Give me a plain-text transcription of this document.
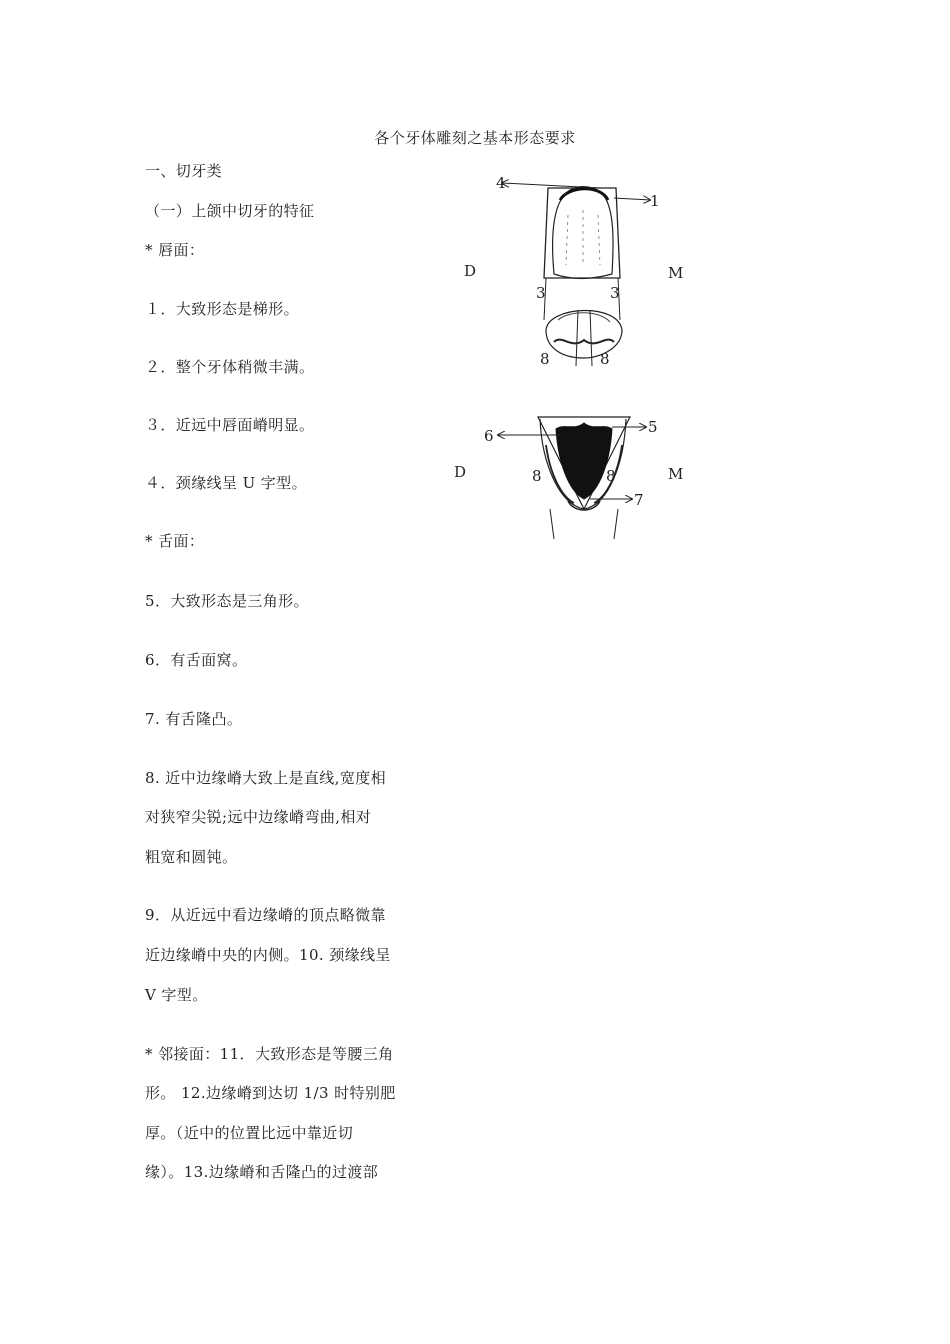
各个牙体雕刻之基本形态要求
一、切牙类
（一）上颌中切牙的特征
* 唇面：
１．大致形态是梯形。
２．整个牙体稍微丰满。
３．近远中唇面嵴明显。
４．颈缘线呈 U 字型。
* 舌面：
5．大致形态是三角形。
6．有舌面窝。
7. 有舌隆凸。
8. 近中边缘嵴大致上是直线,宽度相
对狭窄尖锐;远中边缘嵴弯曲,相对
粗宽和圆钝。
9．从近远中看边缘嵴的顶点略微靠
近边缘嵴中央的内侧。10. 颈缘线呈
V 字型。
* 邻接面：11．大致形态是等腰三角
形。 12.边缘嵴到达切 1/3 时特别肥
厚。（近中的位置比远中靠近切
缘）。13.边缘嵴和舌隆凸的过渡部
1
4
D	M
3	3
8	8
6	5
7
D	M
8	8
